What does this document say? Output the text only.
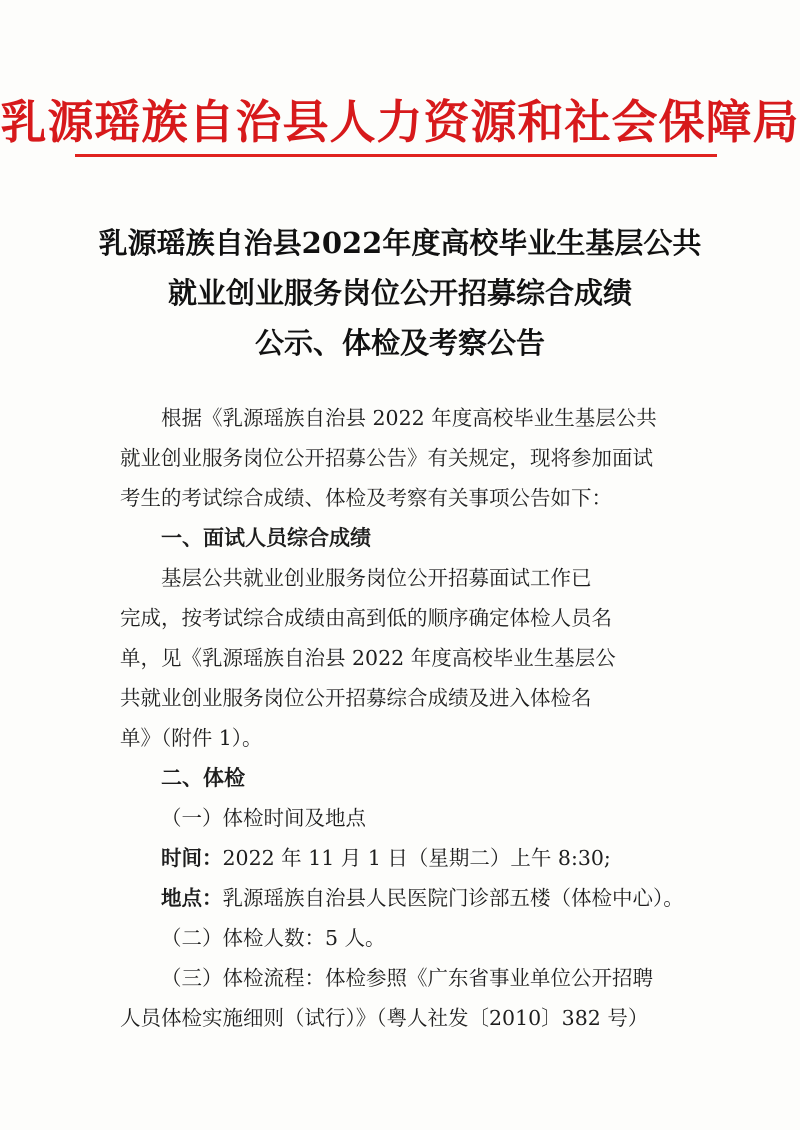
乳源瑶族自治县人力资源和社会保障局
乳源瑶族自治县2022年度高校毕业生基层公共
就业创业服务岗位公开招募综合成绩
公示、体检及考察公告
根据《乳源瑶族自治县 2022 年度高校毕业生基层公共
就业创业服务岗位公开招募公告》有关规定，现将参加面试
考生的考试综合成绩、体检及考察有关事项公告如下：
一、面试人员综合成绩
基层公共就业创业服务岗位公开招募面试工作已
完成，按考试综合成绩由高到低的顺序确定体检人员名
单，见《乳源瑶族自治县 2022 年度高校毕业生基层公
共就业创业服务岗位公开招募综合成绩及进入体检名
单》（附件 1）。
二、体检
（一）体检时间及地点
时间：2022 年 11 月 1 日（星期二）上午 8:30;
地点：乳源瑶族自治县人民医院门诊部五楼（体检中心）。
（二）体检人数：5 人。
（三）体检流程：体检参照《广东省事业单位公开招聘
人员体检实施细则（试行）》（粤人社发〔2010〕382 号）
